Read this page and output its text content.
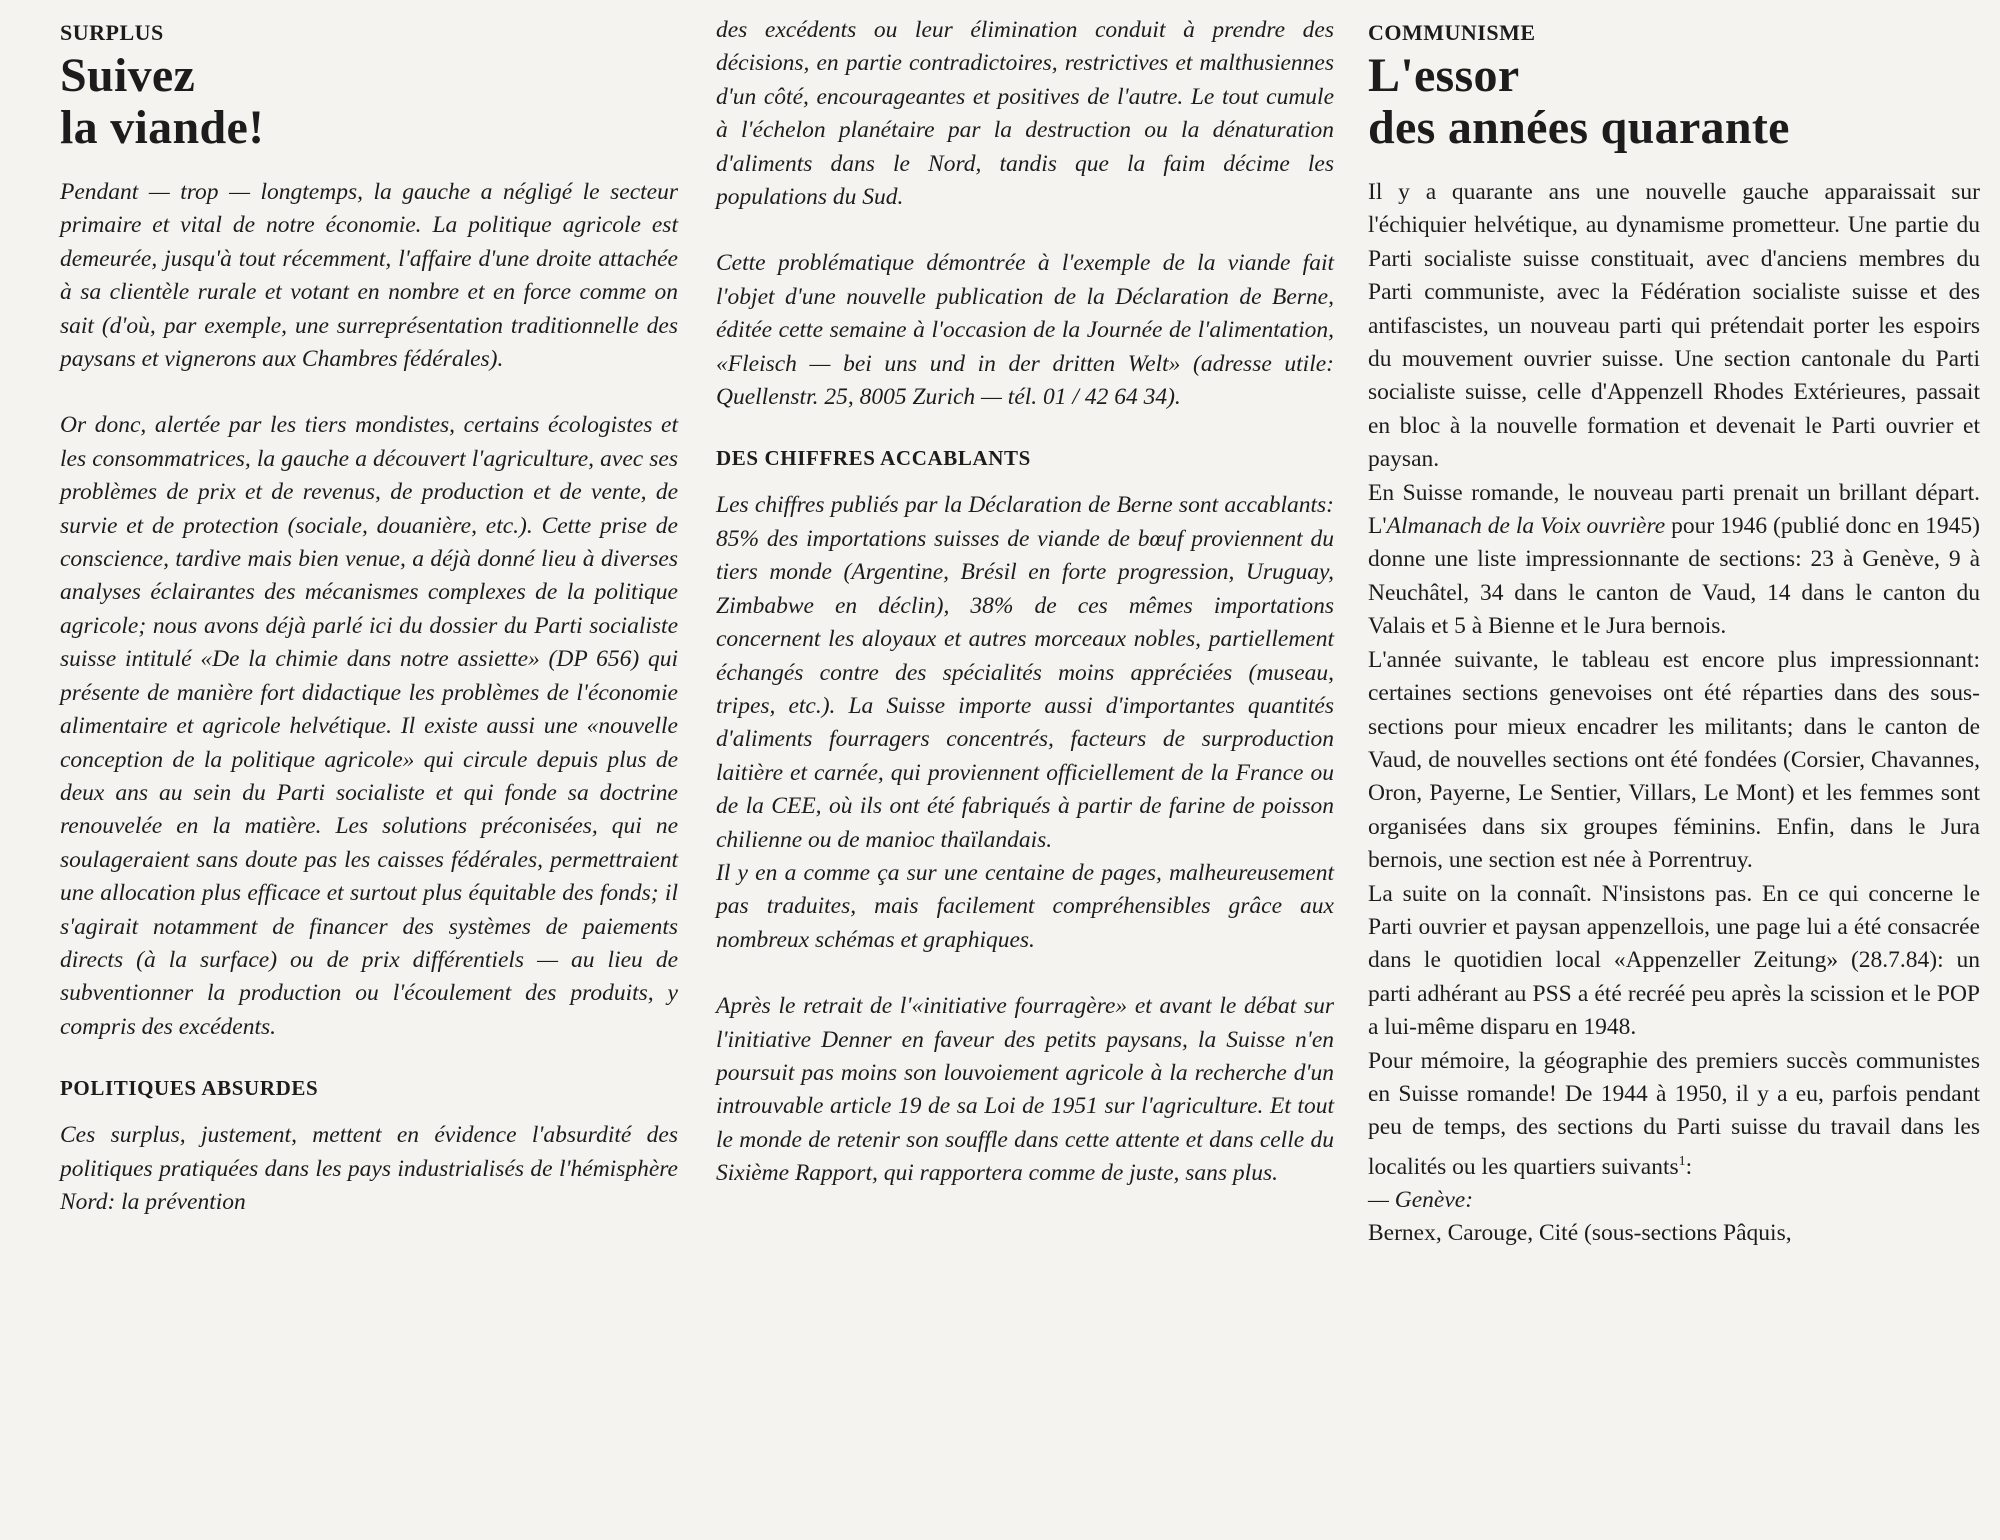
SURPLUS
Suivez
la viande!

Pendant — trop — longtemps, la gauche a négligé le secteur primaire et vital de notre économie. La politique agricole est demeurée, jusqu'à tout récemment, l'affaire d'une droite attachée à sa clientèle rurale et votant en nombre et en force comme on sait (d'où, par exemple, une surreprésentation traditionnelle des paysans et vignerons aux Chambres fédérales).

Or donc, alertée par les tiers mondistes, certains écologistes et les consommatrices, la gauche a découvert l'agriculture, avec ses problèmes de prix et de revenus, de production et de vente, de survie et de protection (sociale, douanière, etc.). Cette prise de conscience, tardive mais bien venue, a déjà donné lieu à diverses analyses éclairantes des mécanismes complexes de la politique agricole; nous avons déjà parlé ici du dossier du Parti socialiste suisse intitulé «De la chimie dans notre assiette» (DP 656) qui présente de manière fort didactique les problèmes de l'économie alimentaire et agricole helvétique. Il existe aussi une «nouvelle conception de la politique agricole» qui circule depuis plus de deux ans au sein du Parti socialiste et qui fonde sa doctrine renouvelée en la matière. Les solutions préconisées, qui ne soulageraient sans doute pas les caisses fédérales, permettraient une allocation plus efficace et surtout plus équitable des fonds; il s'agirait notamment de financer des systèmes de paiements directs (à la surface) ou de prix différentiels — au lieu de subventionner la production ou l'écoulement des produits, y compris des excédents.

POLITIQUES ABSURDES

Ces surplus, justement, mettent en évidence l'absurdité des politiques pratiquées dans les pays industrialisés de l'hémisphère Nord: la prévention

des excédents ou leur élimination conduit à prendre des décisions, en partie contradictoires, restrictives et malthusiennes d'un côté, encourageantes et positives de l'autre. Le tout cumule à l'échelon planétaire par la destruction ou la dénaturation d'aliments dans le Nord, tandis que la faim décime les populations du Sud.

Cette problématique démontrée à l'exemple de la viande fait l'objet d'une nouvelle publication de la Déclaration de Berne, éditée cette semaine à l'occasion de la Journée de l'alimentation, «Fleisch — bei uns und in der dritten Welt» (adresse utile: Quellenstr. 25, 8005 Zurich — tél. 01 / 42 64 34).

DES CHIFFRES ACCABLANTS

Les chiffres publiés par la Déclaration de Berne sont accablants: 85% des importations suisses de viande de bœuf proviennent du tiers monde (Argentine, Brésil en forte progression, Uruguay, Zimbabwe en déclin), 38% de ces mêmes importations concernent les aloyaux et autres morceaux nobles, partiellement échangés contre des spécialités moins appréciées (museau, tripes, etc.). La Suisse importe aussi d'importantes quantités d'aliments fourragers concentrés, facteurs de surproduction laitière et carnée, qui proviennent officiellement de la France ou de la CEE, où ils ont été fabriqués à partir de farine de poisson chilienne ou de manioc thaïlandais.

Il y en a comme ça sur une centaine de pages, malheureusement pas traduites, mais facilement compréhensibles grâce aux nombreux schémas et graphiques.

Après le retrait de l'«initiative fourragère» et avant le débat sur l'initiative Denner en faveur des petits paysans, la Suisse n'en poursuit pas moins son louvoiement agricole à la recherche d'un introuvable article 19 de sa Loi de 1951 sur l'agriculture. Et tout le monde de retenir son souffle dans cette attente et dans celle du Sixième Rapport, qui rapportera comme de juste, sans plus.

COMMUNISME
L'essor
des années quarante

Il y a quarante ans une nouvelle gauche apparaissait sur l'échiquier helvétique, au dynamisme prometteur. Une partie du Parti socialiste suisse constituait, avec d'anciens membres du Parti communiste, avec la Fédération socialiste suisse et des antifascistes, un nouveau parti qui prétendait porter les espoirs du mouvement ouvrier suisse. Une section cantonale du Parti socialiste suisse, celle d'Appenzell Rhodes Extérieures, passait en bloc à la nouvelle formation et devenait le Parti ouvrier et paysan.

En Suisse romande, le nouveau parti prenait un brillant départ. L'Almanach de la Voix ouvrière pour 1946 (publié donc en 1945) donne une liste impressionnante de sections: 23 à Genève, 9 à Neuchâtel, 34 dans le canton de Vaud, 14 dans le canton du Valais et 5 à Bienne et le Jura bernois.

L'année suivante, le tableau est encore plus impressionnant: certaines sections genevoises ont été réparties dans des sous-sections pour mieux encadrer les militants; dans le canton de Vaud, de nouvelles sections ont été fondées (Corsier, Chavannes, Oron, Payerne, Le Sentier, Villars, Le Mont) et les femmes sont organisées dans six groupes féminins. Enfin, dans le Jura bernois, une section est née à Porrentruy.

La suite on la connaît. N'insistons pas. En ce qui concerne le Parti ouvrier et paysan appenzellois, une page lui a été consacrée dans le quotidien local «Appenzeller Zeitung» (28.7.84): un parti adhérant au PSS a été recréé peu après la scission et le POP a lui-même disparu en 1948.

Pour mémoire, la géographie des premiers succès communistes en Suisse romande! De 1944 à 1950, il y a eu, parfois pendant peu de temps, des sections du Parti suisse du travail dans les localités ou les quartiers suivants$^1$:

— Genève:

Bernex, Carouge, Cité (sous-sections Pâquis,
